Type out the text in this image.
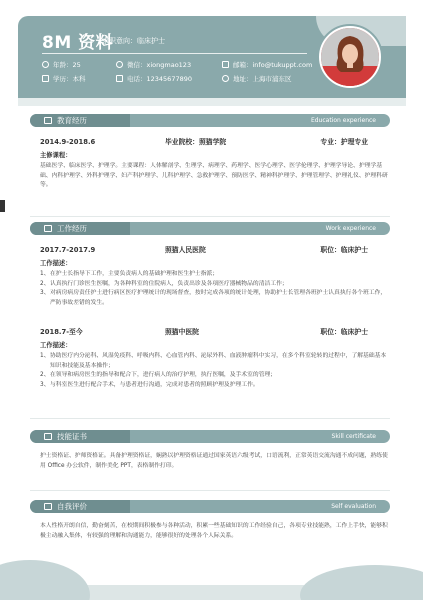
8M 资料
求职意向：临床护士
年龄：25	微信：xiongmao123	邮箱：info@tukuppt.com
学历：本科	电话：12345677890	地址：上海市浦东区
教育经历	Education experience
2014.9-2018.6	毕业院校：照猫学院	专业：护理专业
主修课程：
基础医学、临床医学、护理学。主要课程：人体解剖学、生理学、病理学、药理学、医学心理学、医学伦理学、护理学导论、护理学基础、内科护理学、外科护理学、妇产科护理学、儿科护理学、急救护理学、预防医学、精神科护理学、护理管理学、护理礼仪、护理科研等。
工作经历	Work experience
2017.7-2017.9	照猫人民医院	职位：临床护士
工作描述：
1、 在护士长指导下工作，主要负责病人的基础护理和医生护士指派；
2、 认真执行门诊医生医嘱，为各种科室的住院病人，负责出诊及各项医疗器械物品的清洁工作；
3、 对病房病房责任护士进行病区医疗护理统计的现场督查，按时完成各项的统计处理，协助护士长管理各班护士认真执行各个班工作，严防事故差错的发生。
2018.7-至今	照猫中医院	职位：临床护士
工作描述：
1、 协助医疗内分泌科、风湿免疫科、呼吸内科、心血管内科、泌尿外科、血液肿瘤科中实习，在多个科室轮转的过程中，了解基础基本知识和技能及基本操作；
2、 在领导和病房医生的指导和配合下，进行病人的治疗护理，执行医嘱，及手术室的管理；
3、 与科室医生进行配合手术，与患者进行沟通，完成对患者的照顾护理及护理工作。
技能证书	Skill certificate
护士资格证、护师资格证。具备护理资格证，娴熟以护理资格证通过国家英语六级考试，口语流利，正常英语交流沟通不成问题，熟练使用 Office 办公软件，制作美化 PPT，表格制作打印。
自我评价	Self evaluation
本人性格开朗自信，勤奋刻苦，在校期间积极参与各种活动，积累一些基础知识的工作经验自己，各项专业技能熟，工作上手快，能够积极主动融入集体，有较强的理解和沟通能力，能够很好的处理各个人际关系。
